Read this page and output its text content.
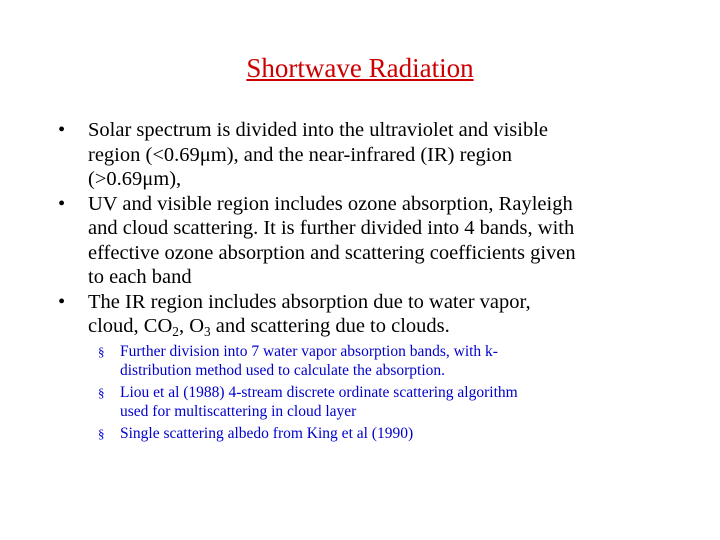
Shortwave Radiation
• Solar spectrum is divided into the ultraviolet and visible
region (<0.69μm), and the near-infrared (IR) region
(>0.69μm),
• UV and visible region includes ozone absorption, Rayleigh
and cloud scattering. It is further divided into 4 bands, with
effective ozone absorption and scattering coefficients given
to each band
• The IR region includes absorption due to water vapor,
cloud, $CO_2$, $O_3$ and scattering due to clouds.
§ Further division into 7 water vapor absorption bands, with k-
distribution method used to calculate the absorption.
§ Liou et al (1988) 4-stream discrete ordinate scattering algorithm
used for multiscattering in cloud layer
§ Single scattering albedo from King et al (1990)
